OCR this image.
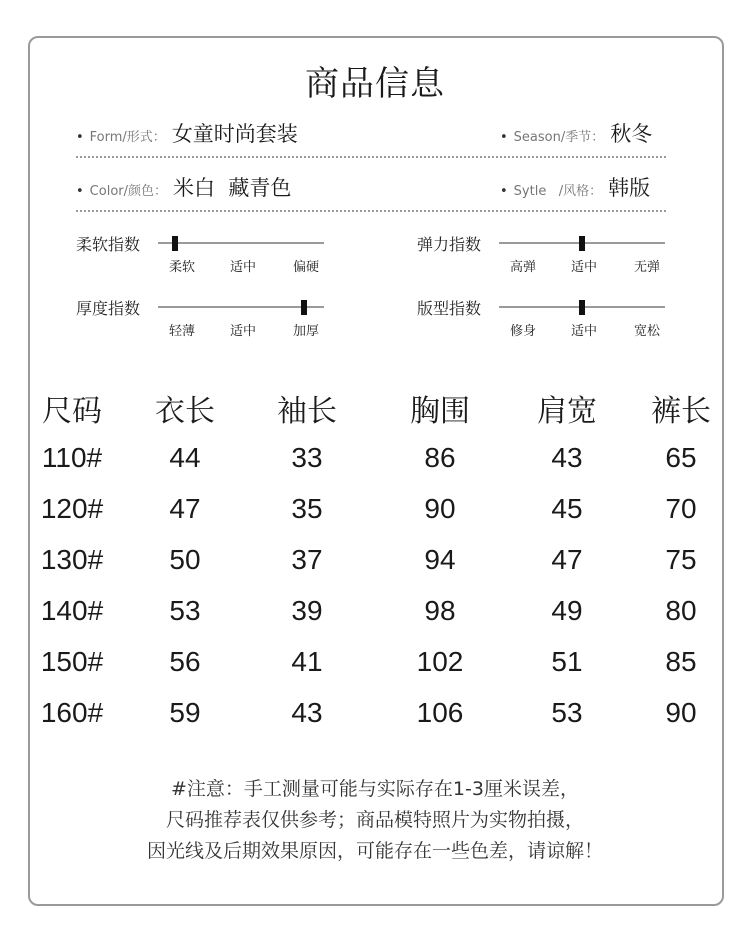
商品信息
• Form/形式： 女童时尚套装	• Season/季节： 秋冬
• Color/颜色： 米白  藏青色	• Sytle   /风格： 韩版
柔软指数
柔软	适中	偏硬
弹力指数
高弹	适中	无弹
厚度指数
轻薄	适中	加厚
版型指数
修身	适中	宽松
尺码 衣长 袖长 胸围 肩宽 裤长
110# 44	33	86	43	65
120# 47	35	90	45	70
130# 50	37	94	47	75
140# 53	39	98	49	80
150# 56	41	102	51	85
160# 59	43	106	53	90
#注意：手工测量可能与实际存在1-3厘米误差，
尺码推荐表仅供参考；商品模特照片为实物拍摄，
因光线及后期效果原因，可能存在一些色差，请谅解！
